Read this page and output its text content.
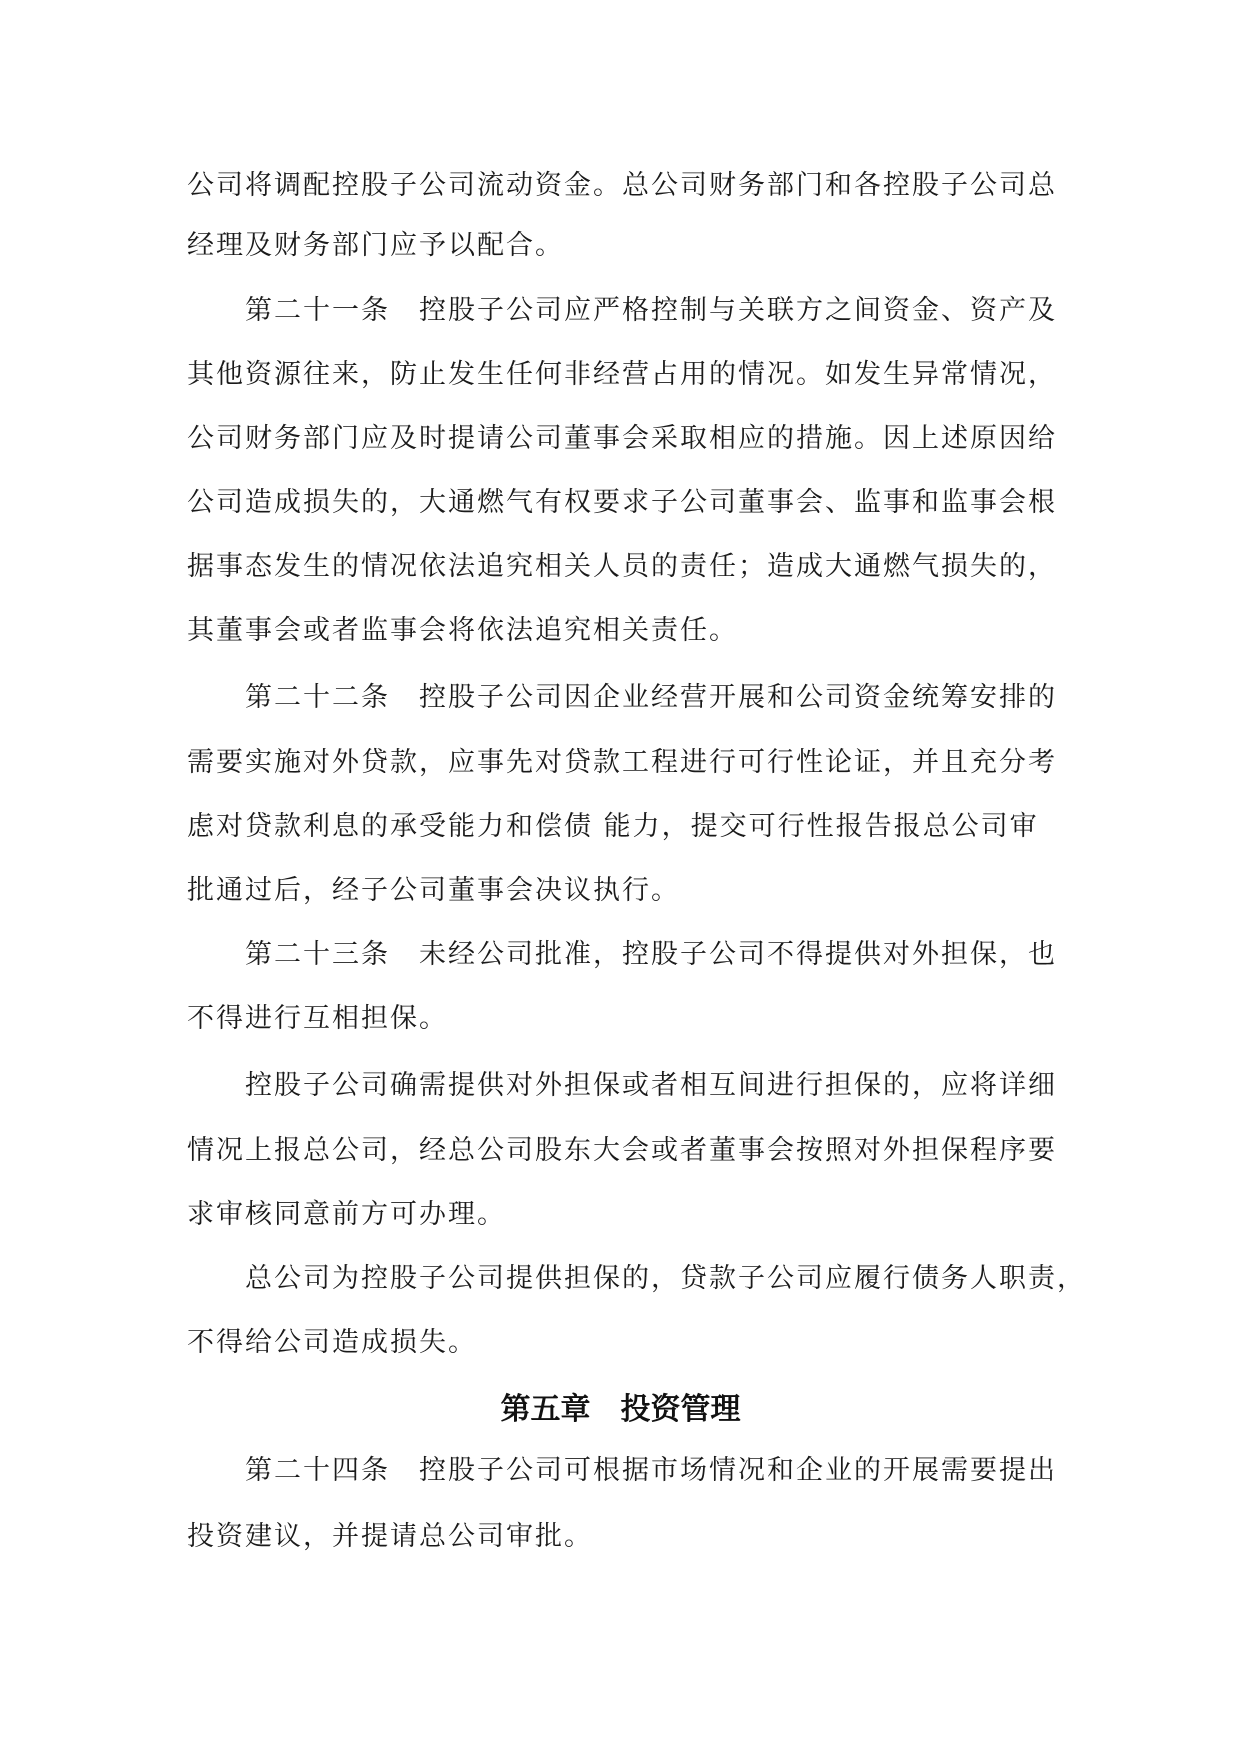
公司将调配控股子公司流动资金。总公司财务部门和各控股子公司总
经理及财务部门应予以配合。
　　第二十一条　控股子公司应严格控制与关联方之间资金、资产及
其他资源往来，防止发生任何非经营占用的情况。如发生异常情况，
公司财务部门应及时提请公司董事会采取相应的措施。因上述原因给
公司造成损失的，大通燃气有权要求子公司董事会、监事和监事会根
据事态发生的情况依法追究相关人员的责任；造成大通燃气损失的，
其董事会或者监事会将依法追究相关责任。
　　第二十二条　控股子公司因企业经营开展和公司资金统筹安排的
需要实施对外贷款，应事先对贷款工程进行可行性论证，并且充分考
虑对贷款利息的承受能力和偿债 能力，提交可行性报告报总公司审
批通过后，经子公司董事会决议执行。
　　第二十三条　未经公司批准，控股子公司不得提供对外担保，也
不得进行互相担保。
　　控股子公司确需提供对外担保或者相互间进行担保的，应将详细
情况上报总公司，经总公司股东大会或者董事会按照对外担保程序要
求审核同意前方可办理。
　　总公司为控股子公司提供担保的，贷款子公司应履行债务人职责，
不得给公司造成损失。
第五章　投资管理
　　第二十四条　控股子公司可根据市场情况和企业的开展需要提出
投资建议，并提请总公司审批。
